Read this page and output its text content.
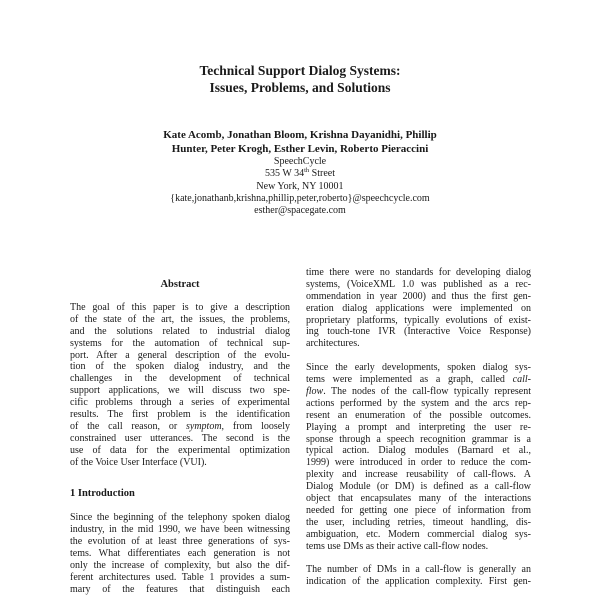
Technical Support Dialog Systems:
Issues, Problems, and Solutions
Kate Acomb, Jonathan Bloom, Krishna Dayanidhi, Phillip
Hunter, Peter Krogh, Esther Levin, Roberto Pieraccini
SpeechCycle
535 W 34th Street
New York, NY 10001
{kate,jonathanb,krishna,phillip,peter,roberto}@speechcycle.com
esther@spacegate.com
Abstract
The goal of this paper is to give a description
of the state of the art, the issues, the problems,
and the solutions related to industrial dialog
systems for the automation of technical sup-
port. After a general description of the evolu-
tion of the spoken dialog industry, and the
challenges in the development of technical
support applications, we will discuss two spe-
cific problems through a series of experimental
results. The first problem is the identification
of the call reason, or symptom, from loosely
constrained user utterances. The second is the
use of data for the experimental optimization
of the Voice User Interface (VUI).
1 Introduction
Since the beginning of the telephony spoken dialog
industry, in the mid 1990, we have been witnessing
the evolution of at least three generations of sys-
tems. What differentiates each generation is not
only the increase of complexity, but also the dif-
ferent architectures used. Table 1 provides a sum-
mary of the features that distinguish each
time there were no standards for developing dialog
systems, (VoiceXML 1.0 was published as a rec-
ommendation in year 2000) and thus the first gen-
eration dialog applications were implemented on
proprietary platforms, typically evolutions of exist-
ing touch-tone IVR (Interactive Voice Response)
architectures.
Since the early developments, spoken dialog sys-
tems were implemented as a graph, called call-
flow. The nodes of the call-flow typically represent
actions performed by the system and the arcs rep-
resent an enumeration of the possible outcomes.
Playing a prompt and interpreting the user re-
sponse through a speech recognition grammar is a
typical action. Dialog modules (Barnard et al.,
1999) were introduced in order to reduce the com-
plexity and increase reusability of call-flows. A
Dialog Module (or DM) is defined as a call-flow
object that encapsulates many of the interactions
needed for getting one piece of information from
the user, including retries, timeout handling, dis-
ambiguation, etc. Modern commercial dialog sys-
tems use DMs as their active call-flow nodes.
The number of DMs in a call-flow is generally an
indication of the application complexity. First gen-
